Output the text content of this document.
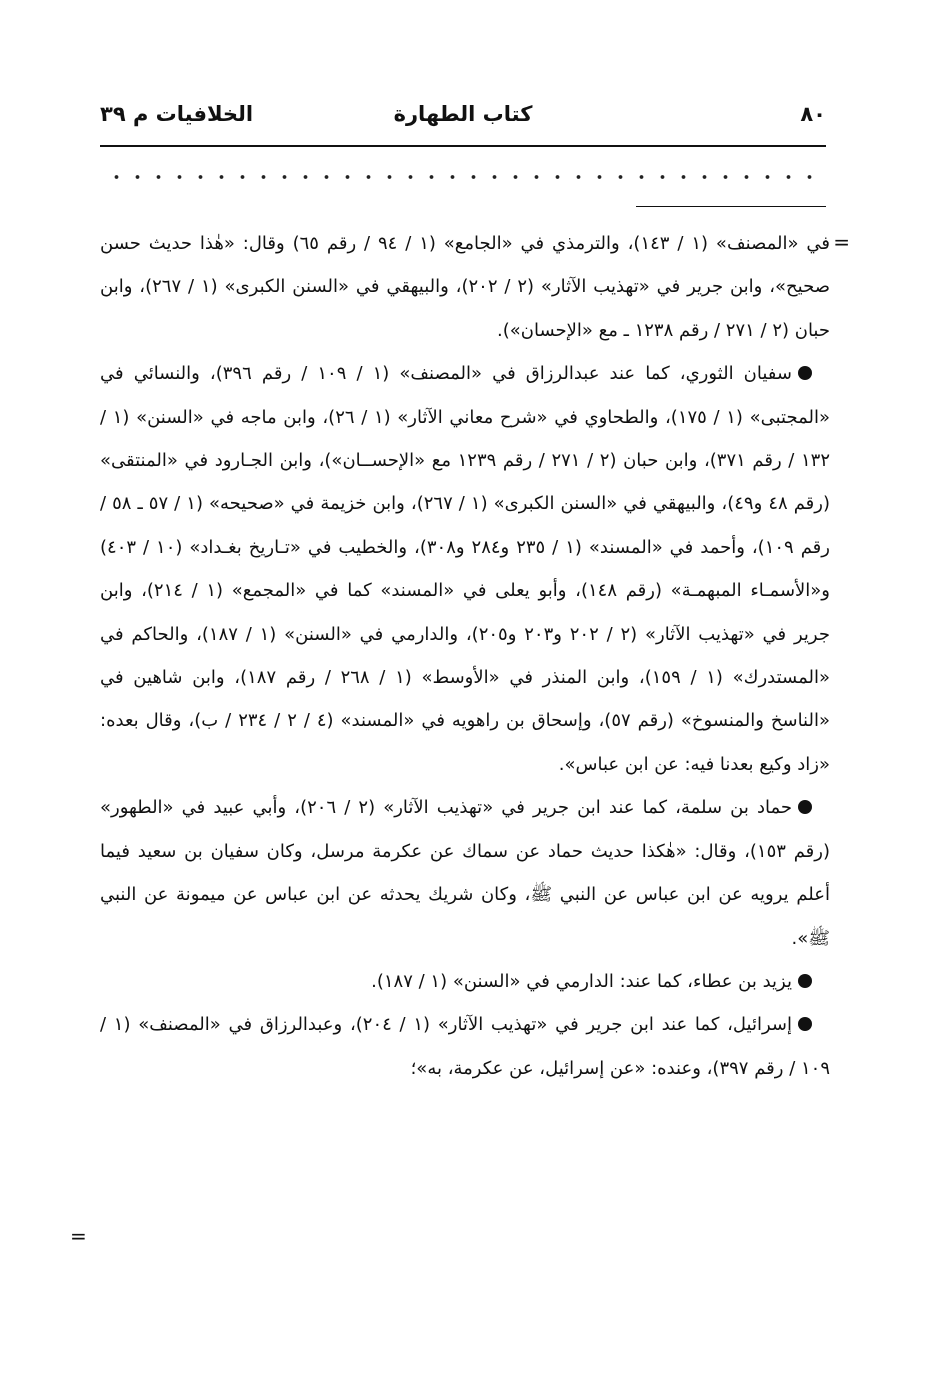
٨٠
كتاب الطهارة
الخلافيات م ٣٩
=

في «المصنف» (١ / ١٤٣)، والترمذي في «الجامع» (١ / ٩٤ / رقم ٦٥) وقال: «هٰذا حديث حسن صحيح»، وابن جرير في «تهذيب الآثار» (٢ / ٢٠٢)، والبيهقي في «السنن الكبرى» (١ / ٢٦٧)، وابن حبان (٢ / ٢٧١ / رقم ١٢٣٨ ـ مع «الإحسان»).

سفيان الثوري، كما عند عبدالرزاق في «المصنف» (١ / ١٠٩ / رقم ٣٩٦)، والنسائي في «المجتبى» (١ / ١٧٥)، والطحاوي في «شرح معاني الآثار» (١ / ٢٦)، وابن ماجه في «السنن» (١ / ١٣٢ / رقم ٣٧١)، وابن حبان (٢ / ٢٧١ / رقم ١٢٣٩ مع «الإحســان»)، وابن الجـارود في «المنتقى» (رقم ٤٨ و٤٩)، والبيهقي في «السنن الكبرى» (١ / ٢٦٧)، وابن خزيمة في «صحيحه» (١ / ٥٧ ـ ٥٨ / رقم ١٠٩)، وأحمد في «المسند» (١ / ٢٣٥ و٢٨٤ و٣٠٨)، والخطيب في «تـاريخ بغـداد» (١٠ / ٤٠٣) و«الأسمـاء المبهمـة» (رقم ١٤٨)، وأبو يعلى في «المسند» كما في «المجمع» (١ / ٢١٤)، وابن جرير في «تهذيب الآثار» (٢ / ٢٠٢ و٢٠٣ و٢٠٥)، والدارمي في «السنن» (١ / ١٨٧)، والحاكم في «المستدرك» (١ / ١٥٩)، وابن المنذر في «الأوسط» (١ / ٢٦٨ / رقم ١٨٧)، وابن شاهين في «الناسخ والمنسوخ» (رقم ٥٧)، وإسحاق بن راهويه في «المسند» (٤ / ٢ / ٢٣٤ / ب)، وقال بعده: «زاد وكيع بعدنا فيه: عن ابن عباس».

حماد بن سلمة، كما عند ابن جرير في «تهذيب الآثار» (٢ / ٢٠٦)، وأبي عبيد في «الطهور» (رقم ١٥٣)، وقال: «هٰكذا حديث حماد عن سماك عن عكرمة مرسل، وكان سفيان بن سعيد فيما أعلم يرويه عن ابن عباس عن النبي ﷺ، وكان شريك يحدثه عن ابن عباس عن ميمونة عن النبي ﷺ».

يزيد بن عطاء، كما عند: الدارمي في «السنن» (١ / ١٨٧).

إسرائيل، كما عند ابن جرير في «تهذيب الآثار» (١ / ٢٠٤)، وعبدالرزاق في «المصنف» (١ / ١٠٩ / رقم ٣٩٧)، وعنده: «عن إسرائيل، عن عكرمة، به»؛

=
